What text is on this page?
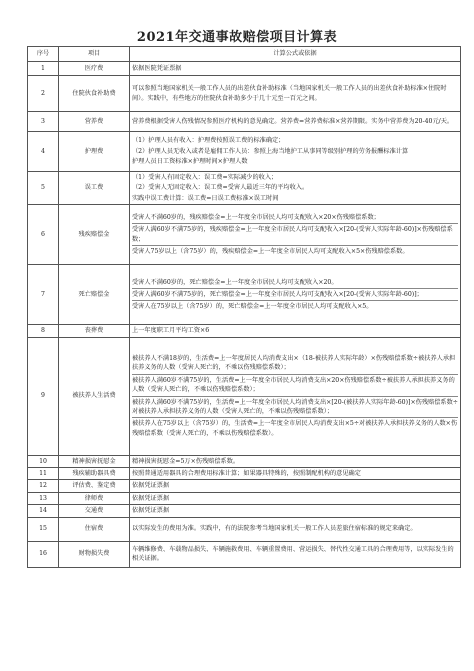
2021年交通事故赔偿项目计算表
序号	项目	计算公式或依据
1	医疗费	依据医院凭证票据

2	住院伙食补助费	可以参照当地国家机关一般工作人员的出差伙食补助标准（当地国家机关一般工作人员的出差伙食补助标准×住院时间）。实践中，有些地方的住院伙食补助多少于几十元至一百元之间。

3	营养费	营养费根据受害人伤残情况参照医疗机构的意见确定。营养费=营养费标准×营养期限。实务中营养费为20-40元/天。

4	护理费	（1）护理人员有收入：护理费按照误工费的标准确定；

（2）护理人员无收入或者是雇佣工作人员：参照上海当地护工从事同等级别护理的劳务报酬标准计算

护理人员日工资标准×护理时间×护理人数

5	误工费	（1）受害人有固定收入：误工费=实际减少的收入；

（2）受害人无固定收入：误工费=受害人最近三年的平均收入。

实践中误工费计算：误工费=日误工费标准×误工时间

6	残疾赔偿金	受害人不满60岁的，残疾赔偿金=上一年度全市居民人均可支配收入×20×伤残赔偿系数；

受害人满60岁不满75岁的，残疾赔偿金=上一年度全市居民人均可支配收入×[20-(受害人实际年龄-60)]×伤残赔偿系数；

受害人75岁以上（含75岁）的，残疾赔偿金=上一年度全市居民人均可支配收入×5×伤残赔偿系数。

7	死亡赔偿金	受害人不满60岁的，死亡赔偿金=上一年度全市居民人均可支配收入×20。

受害人满60岁不满75岁的，死亡赔偿金=上一年度全市居民人均可支配收入×[20-(受害人实际年龄-60)]；

受害人在75岁以上（含75岁）的，死亡赔偿金=上一年度全市居民人均可支配收入×5。

8	丧葬费	上一年度职工月平均工资×6

9	被扶养人生活费	被扶养人不满18岁的，生活费=上一年度居民人均消费支出×（18-被扶养人实际年龄）×伤残赔偿系数÷被扶养人承担扶养义务的人数（受害人死亡的，不乘以伤残赔偿系数）；

被扶养人满60岁不满75岁的，生活费=上一年度全市居民人均消费支出×20×伤残赔偿系数÷被扶养人承担扶养义务的人数（受害人死亡的，不乘以伤残赔偿系数）；

被扶养人满60岁不满75岁的，生活费=上一年度全市居民人均消费支出×[20-(被扶养人实际年龄-60)]×伤残赔偿系数÷对被扶养人承担扶养义务的人数（受害人死亡的，不乘以伤残赔偿系数）；

被扶养人在75岁以上（含75岁）的，生活费=上一年度全市居民人均消费支出×5÷对被扶养人承担扶养义务的人数×伤残赔偿系数（受害人死亡的，不乘以伤残赔偿系数）。

10	精神损害抚慰金	精神损害抚慰金=5万×伤残赔偿系数。

11	残疾辅助器具费	按照普通适用器具的合理费用标准计算；如果器具特殊的，按照制配机构的意见确定

12	评估费、鉴定费	依据凭证票据

13	律师费	依据凭证票据

14	交通费	依据凭证票据

15	住宿费	以实际发生的费用为准。实践中，有的法院参考当地国家机关一般工作人员差旅住宿标准的规定来确定。

16	财物损失费	车辆维修费、车载物品损失、车辆施救费用、车辆重置费用、营运损失、替代性交通工具的合理费用等，以实际发生的相关证据。
